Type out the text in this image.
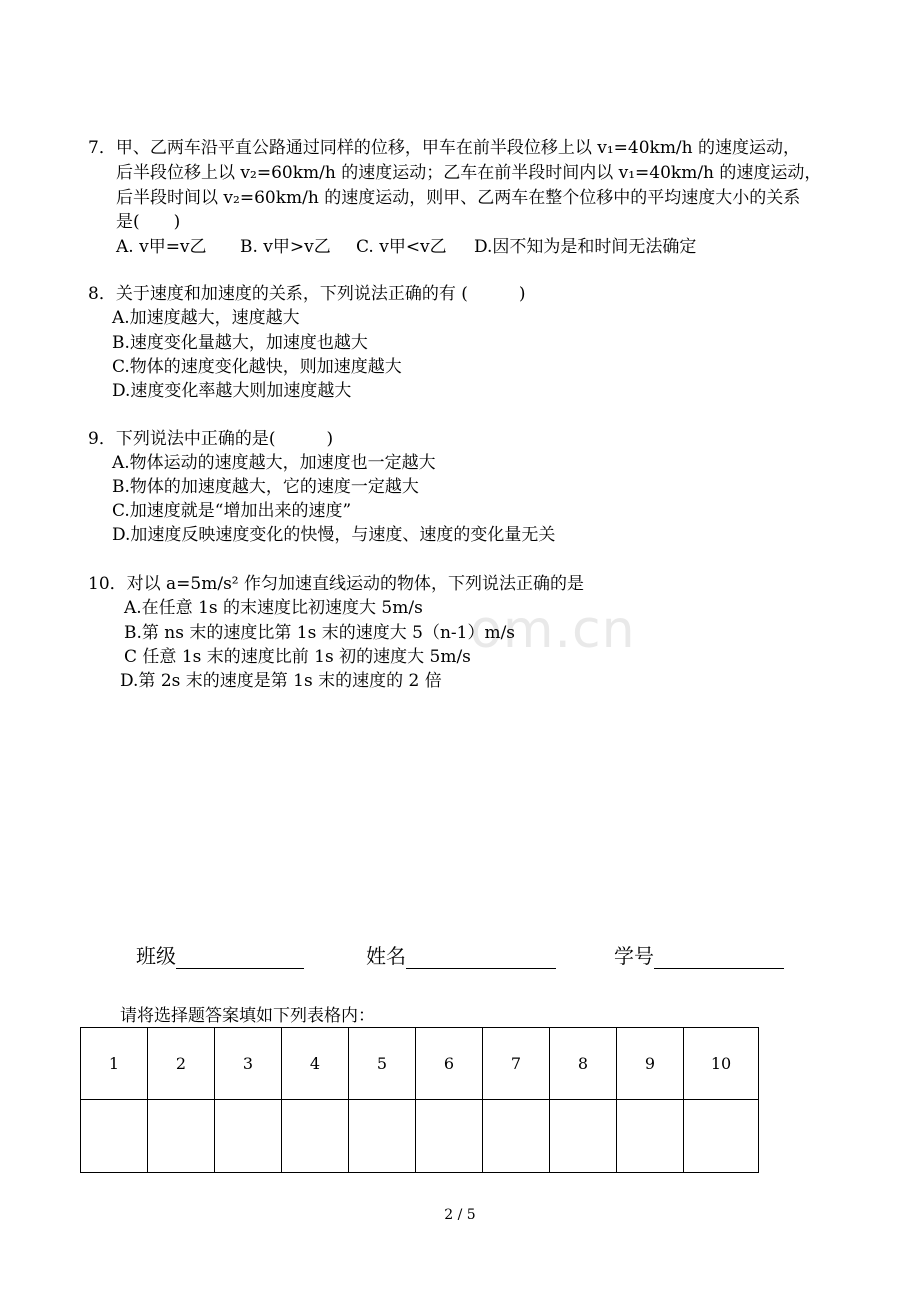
7．甲、乙两车沿平直公路通过同样的位移，甲车在前半段位移上以 v₁=40km/h 的速度运动，
后半段位移上以 v₂=60km/h 的速度运动；乙车在前半段时间内以 v₁=40km/h 的速度运动，
后半段时间以 v₂=60km/h 的速度运动，则甲、乙两车在整个位移中的平均速度大小的关系
是(　　)
A. v甲=v乙 B. v甲>v乙 C. v甲<v乙 D.因不知为是和时间无法确定
8．关于速度和加速度的关系，下列说法正确的有 (　　　)
A.加速度越大，速度越大
B.速度变化量越大，加速度也越大
C.物体的速度变化越快，则加速度越大
D.速度变化率越大则加速度越大
9．下列说法中正确的是(　　　)
A.物体运动的速度越大，加速度也一定越大
B.物体的加速度越大，它的速度一定越大
C.加速度就是“增加出来的速度”
D.加速度反映速度变化的快慢，与速度、速度的变化量无关
om.cn
10．对以 a=5m/s² 作匀加速直线运动的物体，下列说法正确的是
A.在任意 1s 的末速度比初速度大 5m/s
B.第 ns 末的速度比第 1s 末的速度大 5（n-1）m/s
C 任意 1s 末的速度比前 1s 初的速度大 5m/s
D.第 2s 末的速度是第 1s 末的速度的 2 倍
班级	姓名	学号
请将选择题答案填如下列表格内：
1	2	3	4	5	6	7	8	9	10

2 / 5
